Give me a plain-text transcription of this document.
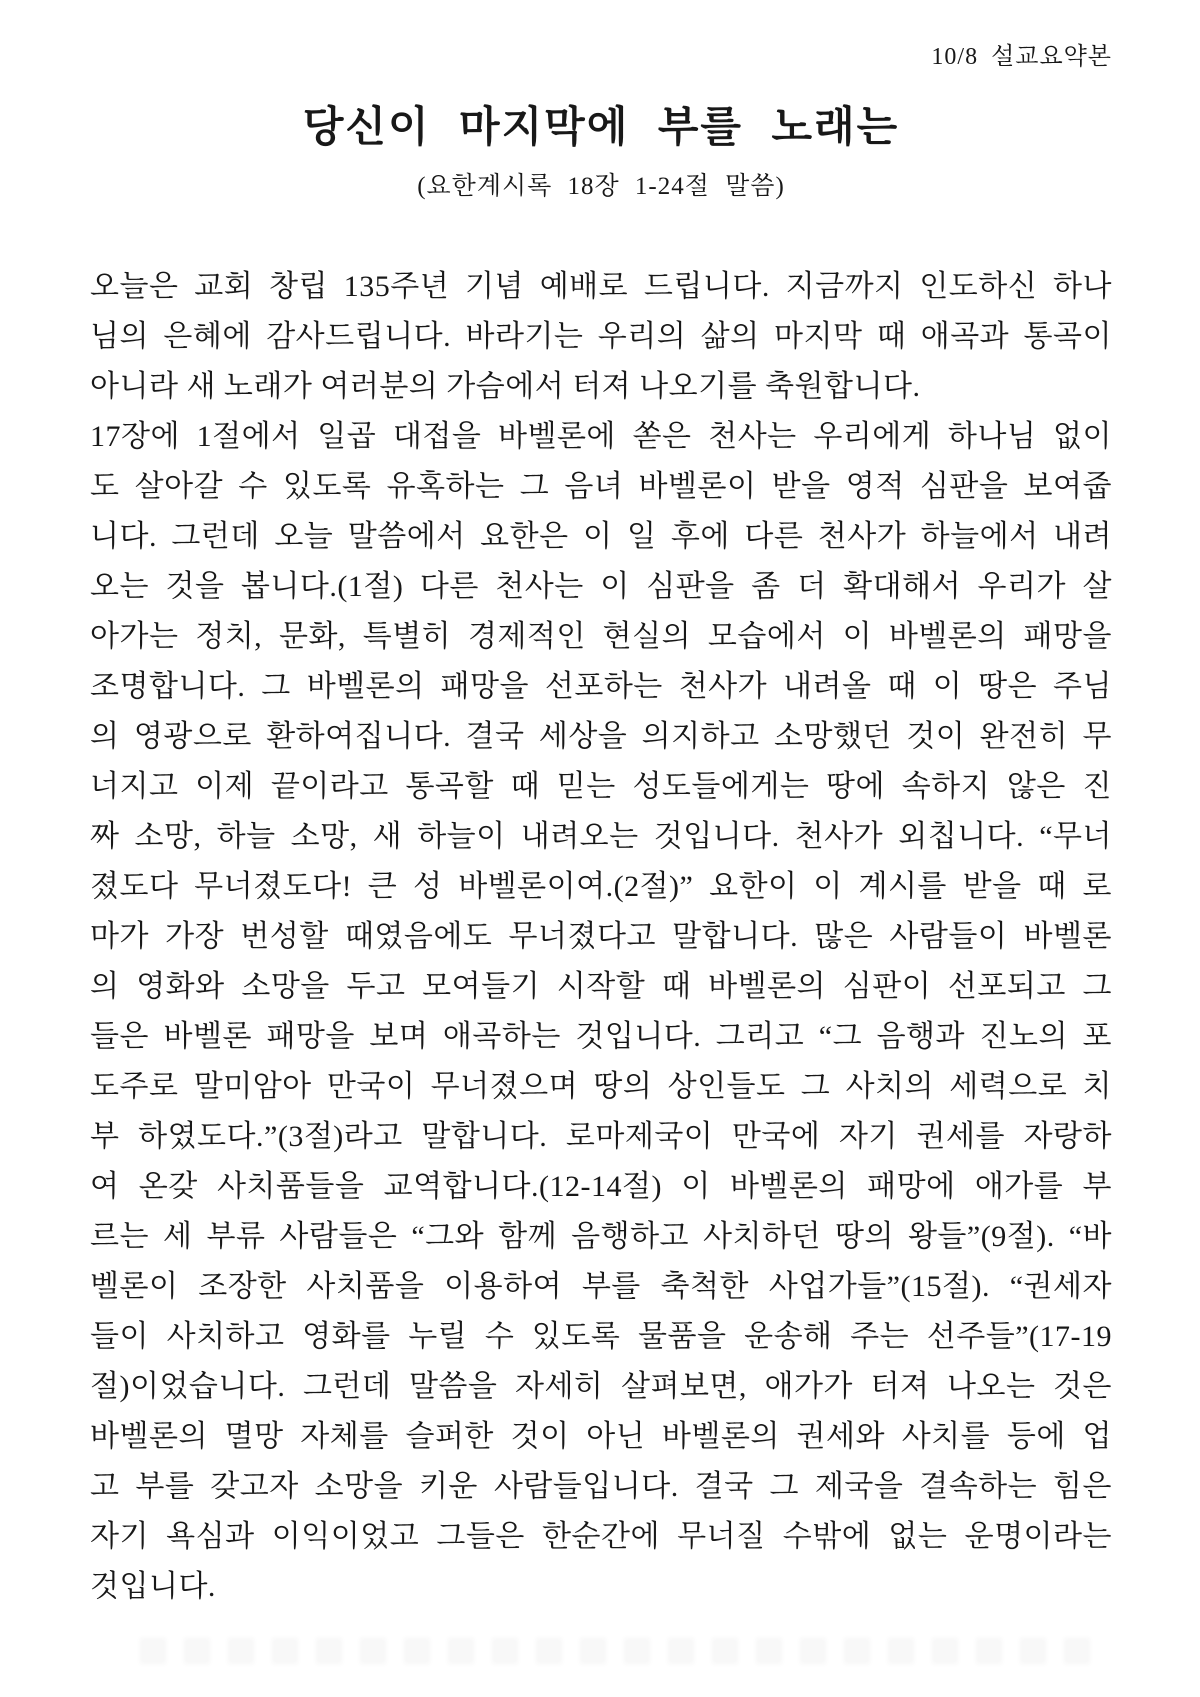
10/8 설교요약본
당신이 마지막에 부를 노래는
(요한계시록 18장 1-24절 말씀)

오늘은 교회 창립 135주년 기념 예배로 드립니다. 지금까지 인도하신 하나
님의 은혜에 감사드립니다. 바라기는 우리의 삶의 마지막 때 애곡과 통곡이
아니라 새 노래가 여러분의 가슴에서 터져 나오기를 축원합니다.

17장에 1절에서 일곱 대접을 바벨론에 쏟은 천사는 우리에게 하나님 없이
도 살아갈 수 있도록 유혹하는 그 음녀 바벨론이 받을 영적 심판을 보여줍
니다. 그런데 오늘 말씀에서 요한은 이 일 후에 다른 천사가 하늘에서 내려
오는 것을 봅니다.(1절) 다른 천사는 이 심판을 좀 더 확대해서 우리가 살
아가는 정치, 문화, 특별히 경제적인 현실의 모습에서 이 바벨론의 패망을
조명합니다. 그 바벨론의 패망을 선포하는 천사가 내려올 때 이 땅은 주님
의 영광으로 환하여집니다. 결국 세상을 의지하고 소망했던 것이 완전히 무
너지고 이제 끝이라고 통곡할 때 믿는 성도들에게는 땅에 속하지 않은 진
짜 소망, 하늘 소망, 새 하늘이 내려오는 것입니다. 천사가 외칩니다. “무너
졌도다 무너졌도다! 큰 성 바벨론이여.(2절)” 요한이 이 계시를 받을 때 로
마가 가장 번성할 때였음에도 무너졌다고 말합니다. 많은 사람들이 바벨론
의 영화와 소망을 두고 모여들기 시작할 때 바벨론의 심판이 선포되고 그
들은 바벨론 패망을 보며 애곡하는 것입니다. 그리고 “그 음행과 진노의 포
도주로 말미암아 만국이 무너졌으며 땅의 상인들도 그 사치의 세력으로 치
부 하였도다.”(3절)라고 말합니다. 로마제국이 만국에 자기 권세를 자랑하
여 온갖 사치품들을 교역합니다.(12-14절) 이 바벨론의 패망에 애가를 부
르는 세 부류 사람들은 “그와 함께 음행하고 사치하던 땅의 왕들”(9절). “바
벨론이 조장한 사치품을 이용하여 부를 축척한 사업가들”(15절). “권세자
들이 사치하고 영화를 누릴 수 있도록 물품을 운송해 주는 선주들”(17-19
절)이었습니다. 그런데 말씀을 자세히 살펴보면, 애가가 터져 나오는 것은
바벨론의 멸망 자체를 슬퍼한 것이 아닌 바벨론의 권세와 사치를 등에 업
고 부를 갖고자 소망을 키운 사람들입니다. 결국 그 제국을 결속하는 힘은
자기 욕심과 이익이었고 그들은 한순간에 무너질 수밖에 없는 운명이라는
것입니다.
